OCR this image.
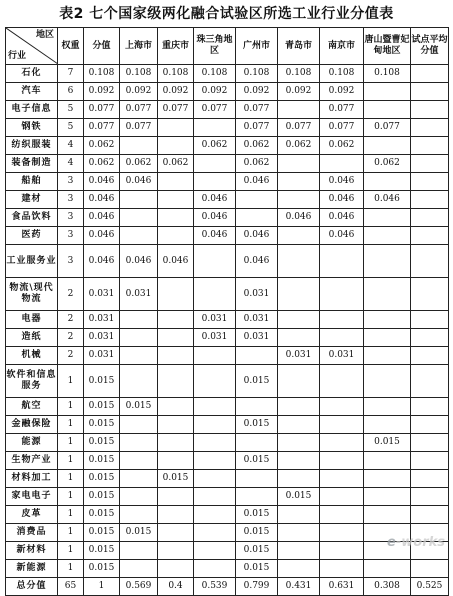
表2 七个国家级两化融合试验区所选工业行业分值表
地区
行业	权重	分值	上海市	重庆市	珠三角地区	广州市	青岛市	南京市	唐山暨曹妃甸地区	试点平均分值
石化	7	0.108	0.108	0.108	0.108	0.108	0.108	0.108	0.108	
汽车	6	0.092	0.092	0.092	0.092	0.092	0.092	0.092		
电子信息	5	0.077	0.077	0.077	0.077	0.077		0.077		
钢铁	5	0.077	0.077			0.077	0.077	0.077	0.077	
纺织服装	4	0.062			0.062	0.062	0.062	0.062		
装备制造	4	0.062	0.062	0.062		0.062			0.062	
船舶	3	0.046	0.046			0.046		0.046		
建材	3	0.046			0.046			0.046	0.046	
食品饮料	3	0.046			0.046		0.046	0.046		
医药	3	0.046			0.046	0.046		0.046		
工业服务业	3	0.046	0.046	0.046		0.046				
物流\现代物流	2	0.031	0.031			0.031				
电器	2	0.031			0.031	0.031				
造纸	2	0.031			0.031	0.031				
机械	2	0.031					0.031	0.031		
软件和信息服务	1	0.015				0.015				
航空	1	0.015	0.015							
金融保险	1	0.015				0.015				
能源	1	0.015							0.015	
生物产业	1	0.015				0.015				
材料加工	1	0.015		0.015						
家电电子	1	0.015					0.015			
皮革	1	0.015				0.015				
消费品	1	0.015	0.015			0.015				
新材料	1	0.015				0.015				
新能源	1	0.015				0.015				
总分值	65	1	0.569	0.4	0.539	0.799	0.431	0.631	0.308	0.525
e-works
